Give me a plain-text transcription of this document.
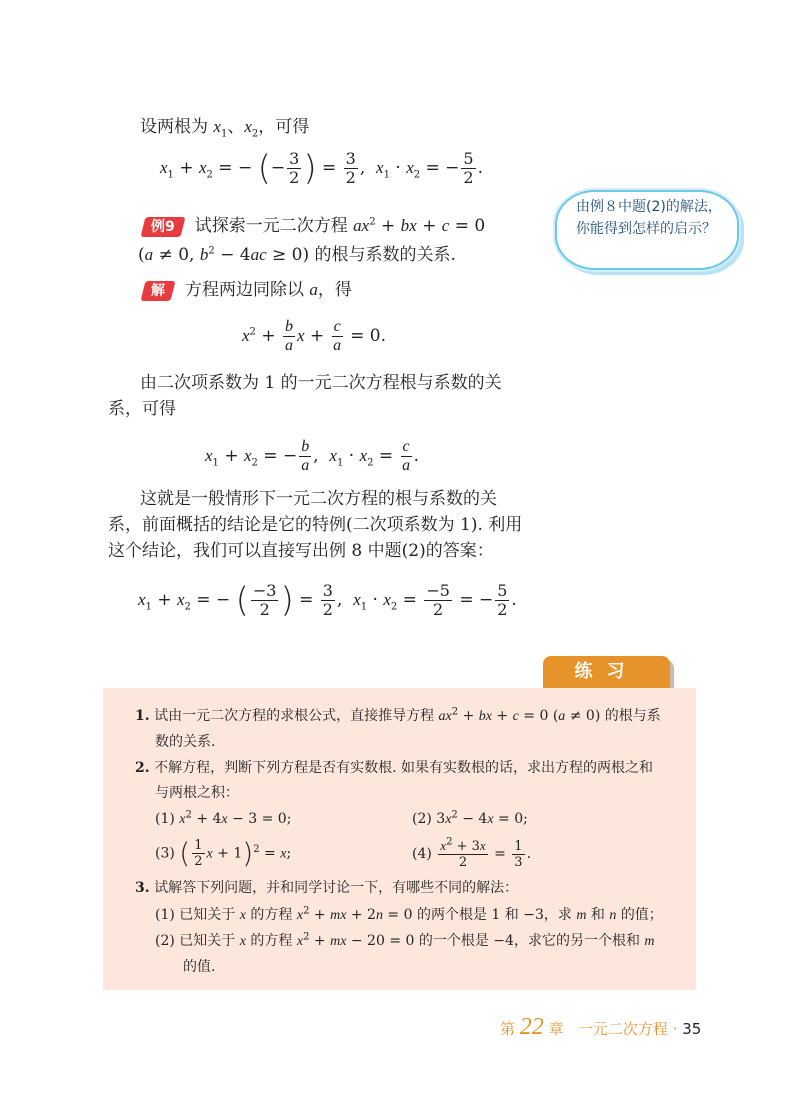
设两根为 $x_1$、$x_2$，可得
$x_1 + x_2$ = − (− $\frac{3}{2}$ ) = $\frac{3}{2}$ ,  $x_1 \cdot x_2$ = − $\frac{5}{2}$ .
由例８中题(2)的解法，你能得到怎样的启示？
例9 试探索一元二次方程 $ax^2$ + bx + c = 0
(a ≠ 0, $b^2 - 4ac \ge 0$) 的根与系数的关系.
解 方程两边同除以 a，得
$x^2 + \frac{b}{a}$ $x + \frac{c}{a} = 0$.
由二次项系数为 1 的一元二次方程根与系数的关
系，可得
$x_1 + x_2$ = − $\frac{b}{a}$ ,  $x_1 \cdot x_2 = \frac{c}{a}$ .
这就是一般情形下一元二次方程的根与系数的关
系，前面概括的结论是它的特例(二次项系数为 1). 利用
这个结论，我们可以直接写出例 8 中题(2)的答案：
$x_1 + x_2$ = − ( $\frac{-3}{2}$ ) = $\frac{3}{2}$ ,  $x_1 \cdot x_2 = \frac{-5}{2}$ = − $\frac{5}{2}$ .
练习
1. 试由一元二次方程的求根公式，直接推导方程 $ax^2$ + bx + c = 0 (a ≠ 0) 的根与系
数的关系.
2. 不解方程，判断下列方程是否有实数根. 如果有实数根的话，求出方程的两根之和
与两根之积：
(1) $x^2 + 4x - 3 = 0$;	(2) $3x^2 - 4x = 0$;
(3) ( $\frac{1}{2}$ x + 1)$^2$ = x;	$(4) \frac{x^2 + 3x}{2} = \frac{1}{3}$ .
3. 试解答下列问题，并和同学讨论一下，有哪些不同的解法：
(1) 已知关于 x 的方程 $x^2$ + mx + 2n = 0 的两个根是 1 和 −3，求 m 和 n 的值；
(2) 已知关于 x 的方程 $x^2$ + mx − 20 = 0 的一个根是 −4，求它的另一个根和 m
的值.
第 22 章 一元二次方程 · 35
